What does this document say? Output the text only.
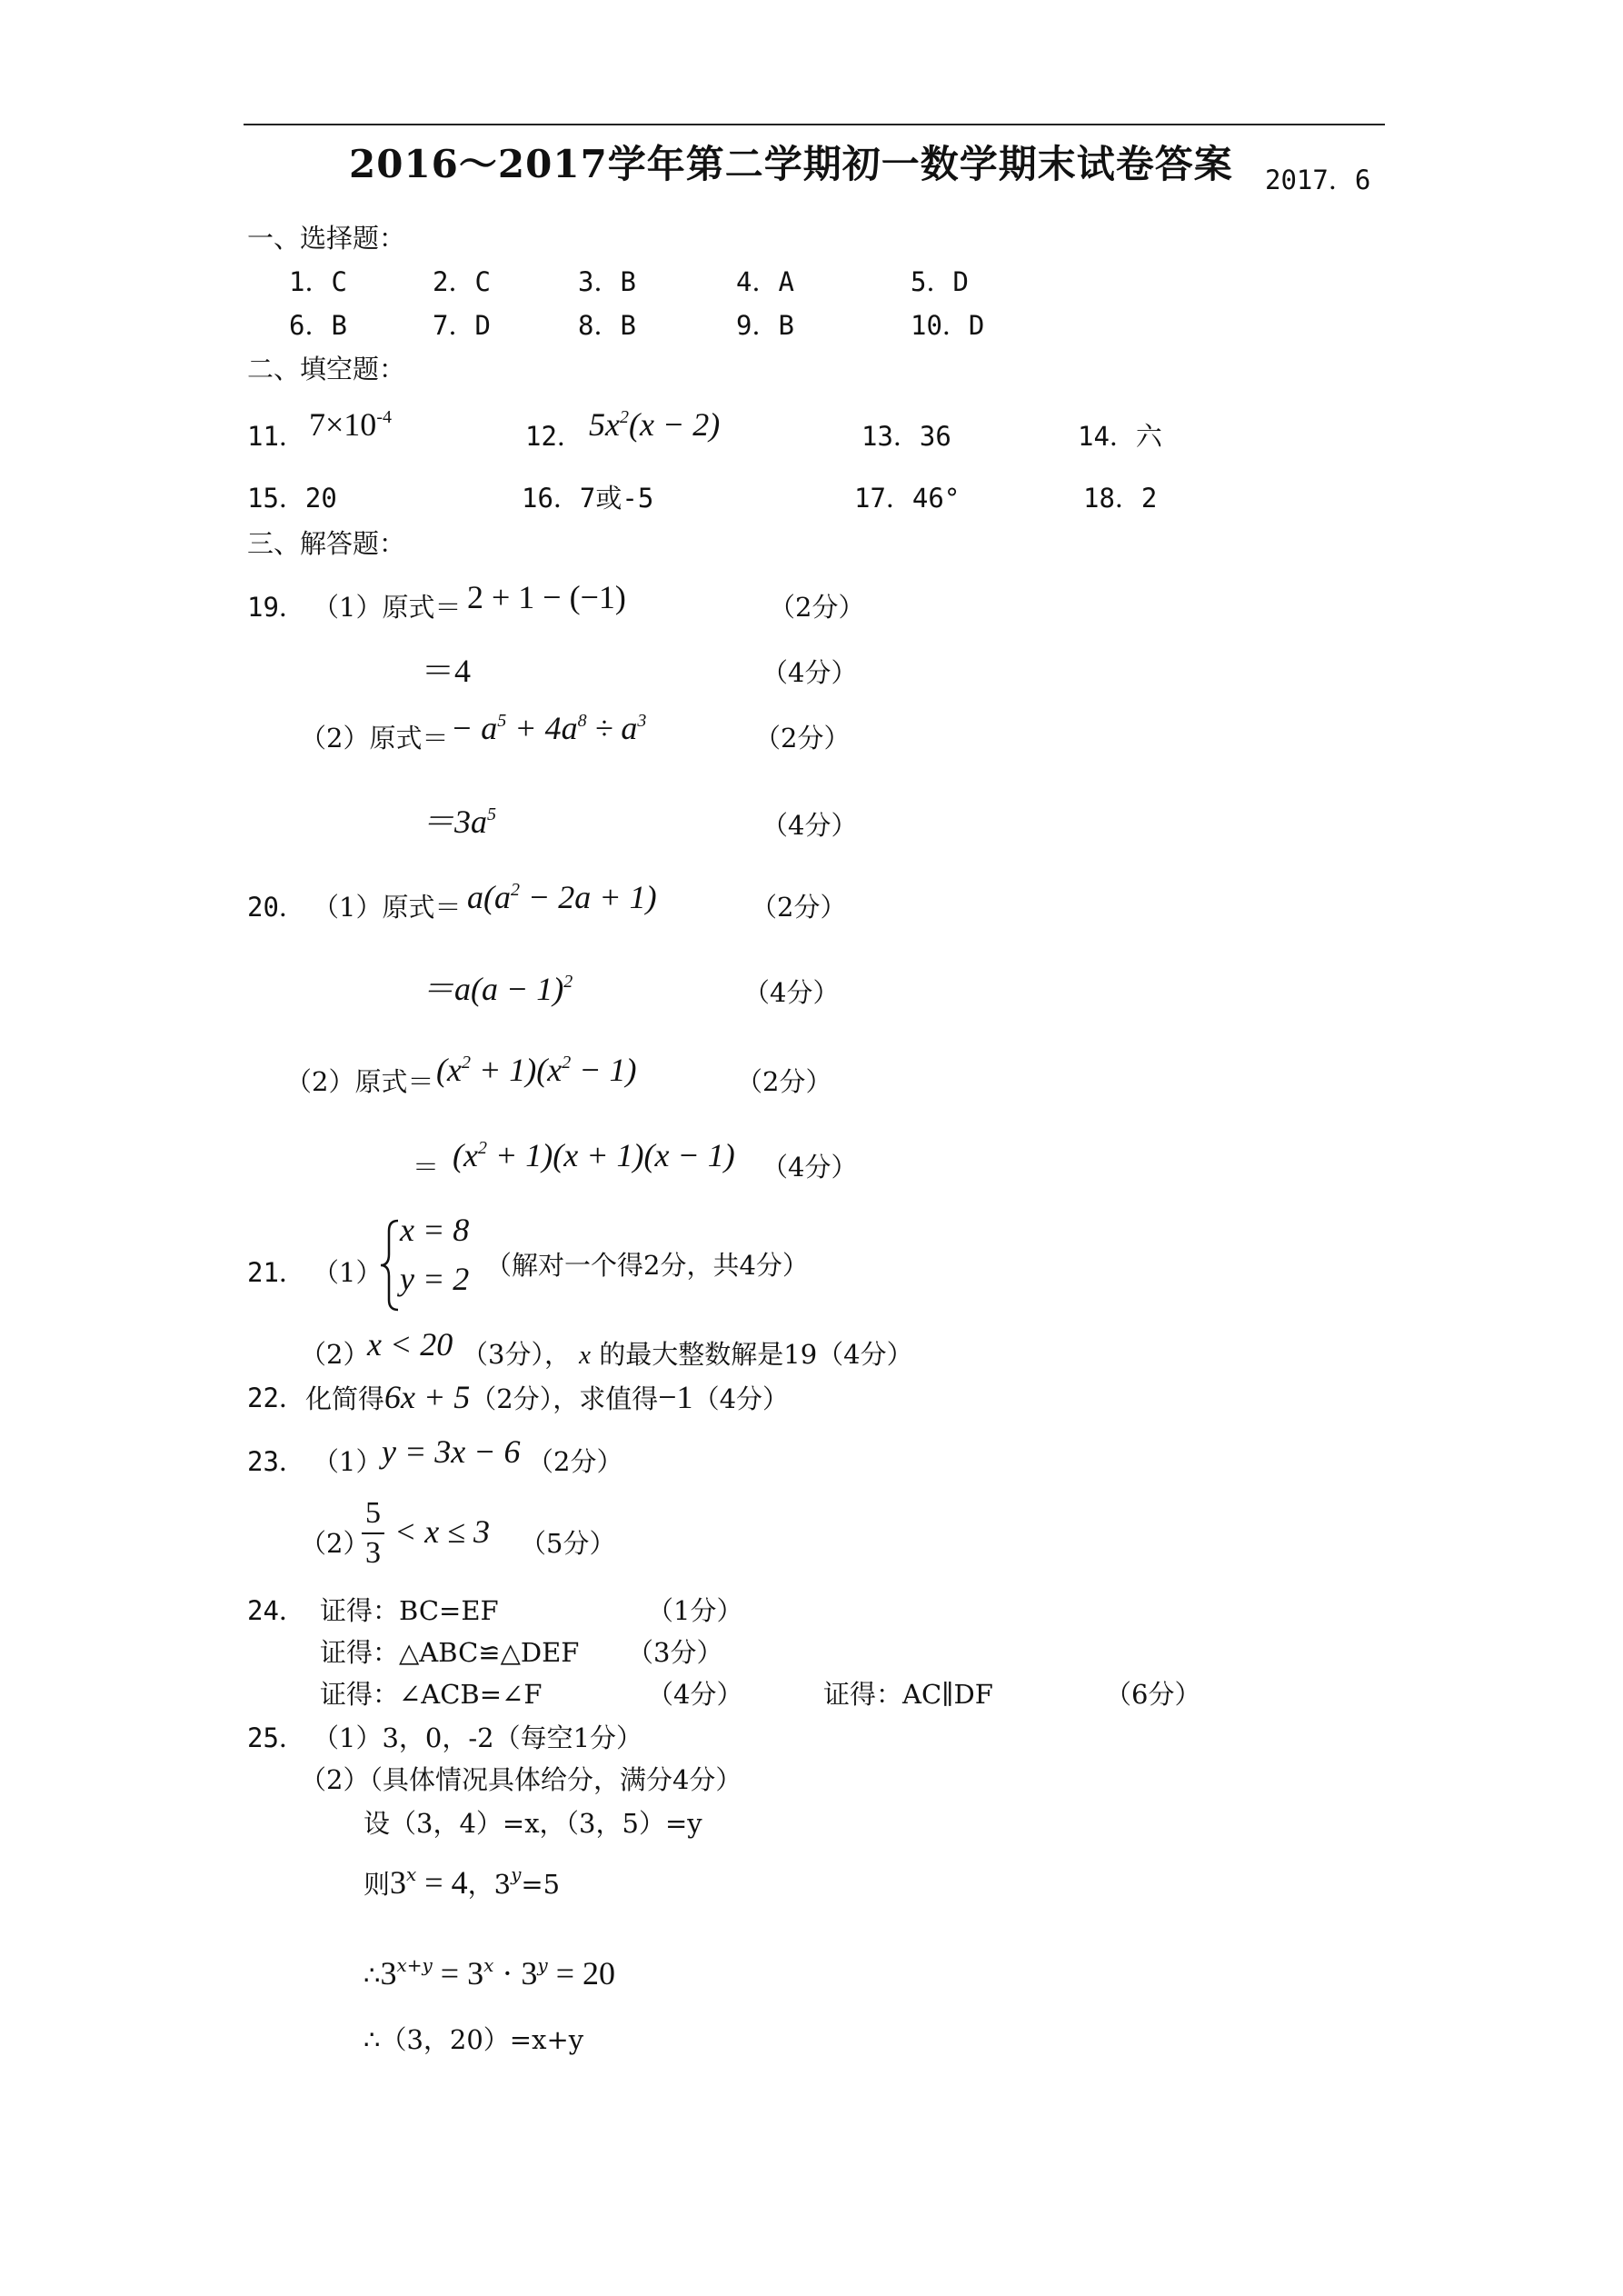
2016～2017学年第二学期初一数学期末试卷答案 2017．6
一、选择题：
1．C	2．C	3．B	4．A	5．D
6．B	7．D	8．B	9．B	10．D
二、填空题：
11． $7\times 10^{-4}$
12． $5x^2(x - 2)$	13．36	14．六
15．20	16．7或-5	17．46°	18．2
三、解答题：
19． （1）原式＝ 2 + 1 − (−1)	（2分）
＝4	（4分）
（2）原式＝ − $a^5 + 4a^8 \div a^3$
（2分）
$=3a^5$	（4分）
20． （1）原式＝ $a(a^2 - 2a + 1)$	（2分）
$=a(a - 1)^2$	（4分）
（2）原式＝ $(x^2 + 1)(x^2 - 1)$	（2分）
＝ $(x^2 + 1)(x + 1)(x - 1)$ （4分）
21． （1）
x = 8
y = 2 （解对一个得2分，共4分）
（2）
x < 20 （3分）， x 的最大整数解是19（4分）
22． 化简得6x + 5（2分），求值得−1（4分）
23． （1） y = 3x − 6 （2分）
（2）
$\frac{5}{3} < x \le 3$ （5分）
24． 证得：BC=EF	（1分）
证得：△ABC≌△DEF （3分）
证得：∠ACB=∠F	（4分）	证得：AC∥DF	（6分）
25． （1）3，0，-2（每空1分）
（2）（具体情况具体给分，满分4分）
设（3，4）=x，（3，5）=y
则$3^x = 4$，$3^y=5$
$\therefore 3^{x+y} = 3^x \cdot 3^y = 20$
∴（3，20）=x+y
